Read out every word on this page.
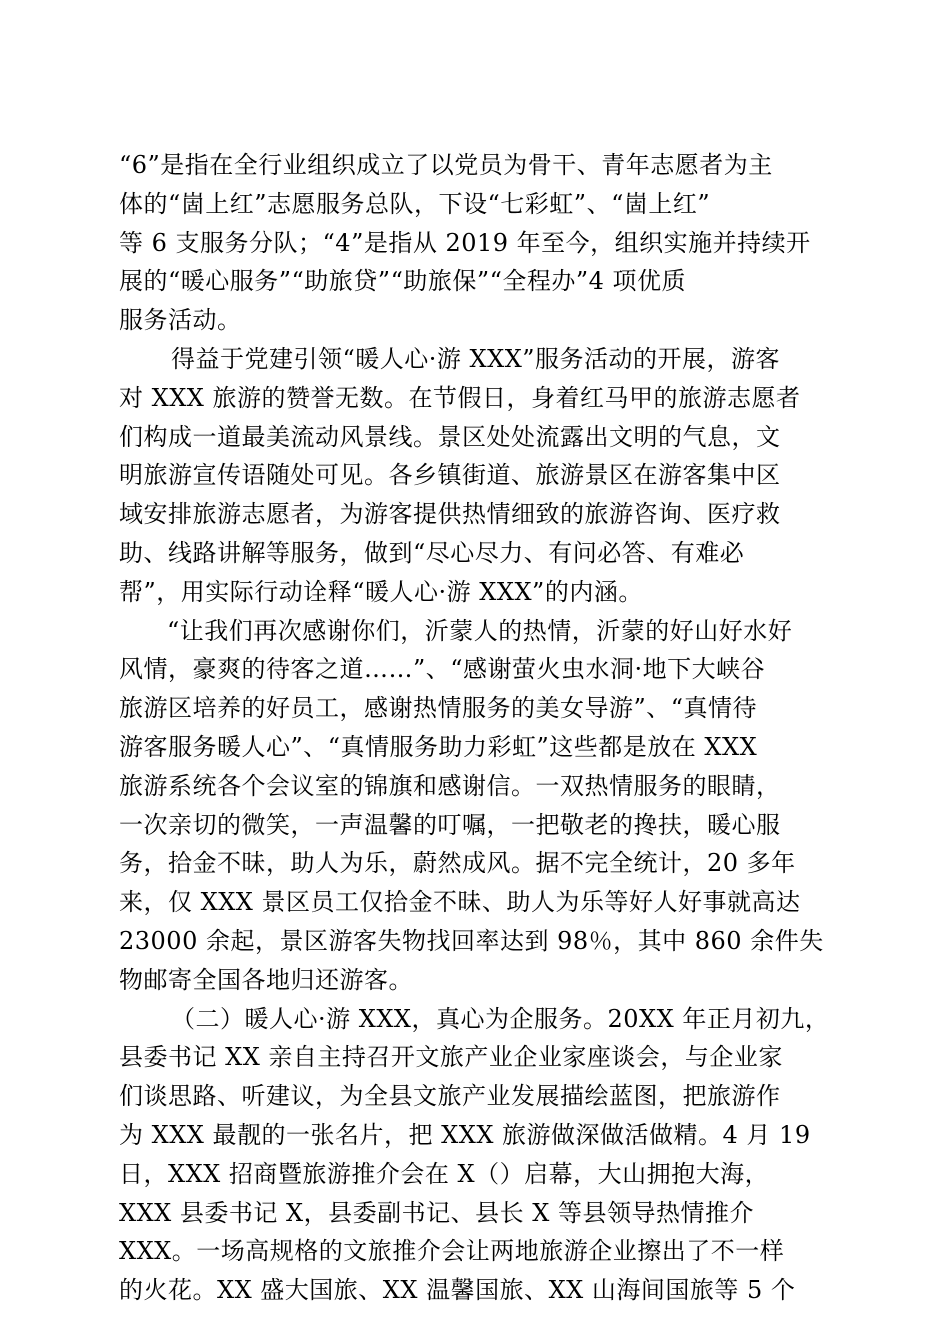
“6”是指在全行业组织成立了以党员为骨干、青年志愿者为主
体的“崮上红”志愿服务总队，下设“七彩虹”、“崮上红”
等 6 支服务分队；“4”是指从 2019 年至今，组织实施并持续开
展的“暖心服务”“助旅贷”“助旅保”“全程办”4 项优质
服务活动。
得益于党建引领“暖人心·游 XXX”服务活动的开展，游客
对 XXX 旅游的赞誉无数。在节假日，身着红马甲的旅游志愿者
们构成一道最美流动风景线。景区处处流露出文明的气息，文
明旅游宣传语随处可见。各乡镇街道、旅游景区在游客集中区
域安排旅游志愿者，为游客提供热情细致的旅游咨询、医疗救
助、线路讲解等服务，做到“尽心尽力、有问必答、有难必
帮”，用实际行动诠释“暖人心·游 XXX”的内涵。
“让我们再次感谢你们，沂蒙人的热情，沂蒙的好山好水好
风情，豪爽的待客之道……”、“感谢萤火虫水洞·地下大峡谷
旅游区培养的好员工，感谢热情服务的美女导游”、“真情待
游客服务暖人心”、“真情服务助力彩虹”这些都是放在 XXX
旅游系统各个会议室的锦旗和感谢信。一双热情服务的眼睛，
一次亲切的微笑，一声温馨的叮嘱，一把敬老的搀扶，暖心服
务，拾金不昧，助人为乐，蔚然成风。据不完全统计，20 多年
来，仅 XXX 景区员工仅拾金不昧、助人为乐等好人好事就高达
23000 余起，景区游客失物找回率达到 98％，其中 860 余件失
物邮寄全国各地归还游客。
（二）暖人心·游 XXX，真心为企服务。20XX 年正月初九，
县委书记 XX 亲自主持召开文旅产业企业家座谈会，与企业家
们谈思路、听建议，为全县文旅产业发展描绘蓝图，把旅游作
为 XXX 最靓的一张名片，把 XXX 旅游做深做活做精。4 月 19
日，XXX 招商暨旅游推介会在 X（）启幕，大山拥抱大海，
XXX 县委书记 X，县委副书记、县长 X 等县领导热情推介
XXX。一场高规格的文旅推介会让两地旅游企业擦出了不一样
的火花。XX 盛大国旅、XX 温馨国旅、XX 山海间国旅等 5 个
